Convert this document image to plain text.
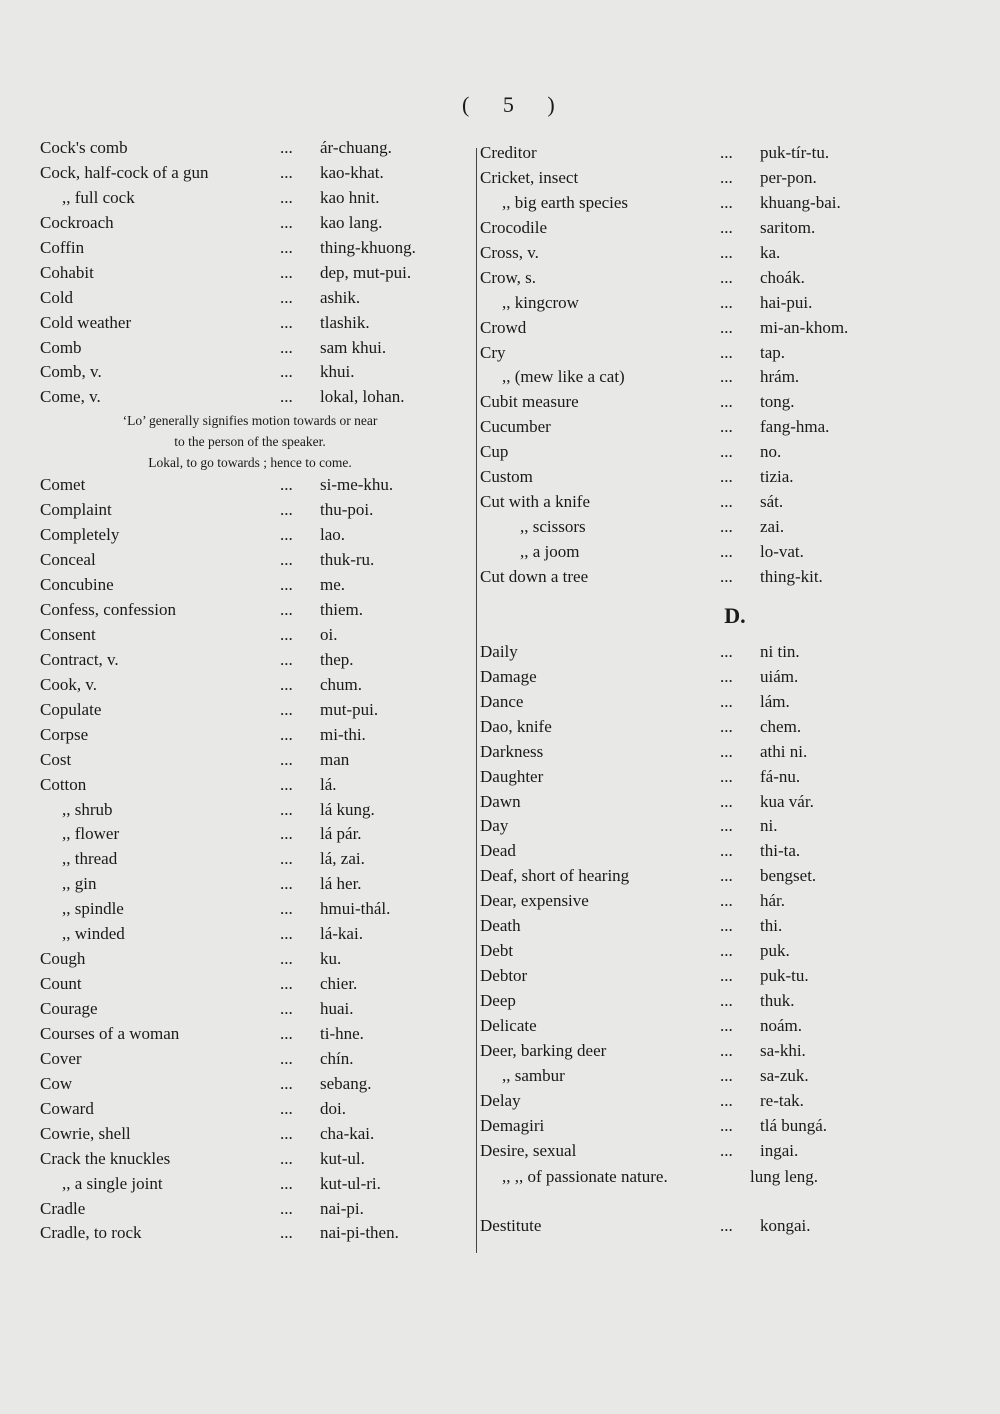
( 5 )
Cock's comb	...	ár-chuang.
Cock, half-cock of a gun	...	kao-khat.
,, full cock	...	kao hnit.
Cockroach	...	kao lang.
Coffin	...	thing-khuong.
Cohabit	...	dep, mut-pui.
Cold	...	ashik.
Cold weather	...	tlashik.
Comb	...	sam khui.
Comb, v.	...	khui.
Come, v.	...	lokal, lohan.
‘Lo’ generally signifies motion towards or near
to the person of the speaker.
Lokal, to go towards ; hence to come.
Comet	...	si-me-khu.
Complaint	...	thu-poi.
Completely	...	lao.
Conceal	...	thuk-ru.
Concubine	...	me.
Confess, confession	...	thiem.
Consent	...	oi.
Contract, v.	...	thep.
Cook, v.	...	chum.
Copulate	...	mut-pui.
Corpse	...	mi-thi.
Cost	...	man
Cotton	...	lá.
,, shrub	...	lá kung.
,, flower	...	lá pár.
,, thread	...	lá, zai.
,, gin	...	lá her.
,, spindle	...	hmui-thál.
,, winded	...	lá-kai.
Cough	...	ku.
Count	...	chier.
Courage	...	huai.
Courses of a woman	...	ti-hne.
Cover	...	chín.
Cow	...	sebang.
Coward	...	doi.
Cowrie, shell	...	cha-kai.
Crack the knuckles	...	kut-ul.
,, a single joint	...	kut-ul-ri.
Cradle	...	nai-pi.
Cradle, to rock	...	nai-pi-then.
Creditor	...	puk-tír-tu.
Cricket, insect	...	per-pon.
,, big earth species	...	khuang-bai.
Crocodile	...	saritom.
Cross, v.	...	ka.
Crow, s.	...	choák.
,, kingcrow	...	hai-pui.
Crowd	...	mi-an-khom.
Cry	...	tap.
,, (mew like a cat)	...	hrám.
Cubit measure	...	tong.
Cucumber	...	fang-hma.
Cup	...	no.
Custom	...	tizia.
Cut with a knife	...	sát.
,, scissors	...	zai.
,, a joom	...	lo-vat.
Cut down a tree	...	thing-kit.
D.
Daily	...	ni tin.
Damage	...	uiám.
Dance	...	lám.
Dao, knife	...	chem.
Darkness	...	athi ni.
Daughter	...	fá-nu.
Dawn	...	kua vár.
Day	...	ni.
Dead	...	thi-ta.
Deaf, short of hearing	...	bengset.
Dear, expensive	...	hár.
Death	...	thi.
Debt	...	puk.
Debtor	...	puk-tu.
Deep	...	thuk.
Delicate	...	noám.
Deer, barking deer	...	sa-khi.
,, sambur	...	sa-zuk.
Delay	...	re-tak.
Demagiri	...	tlá bungá.
Desire, sexual	...	ingai.
,, ,, of passionate nature.	lung leng.
Destitute	...	kongai.
